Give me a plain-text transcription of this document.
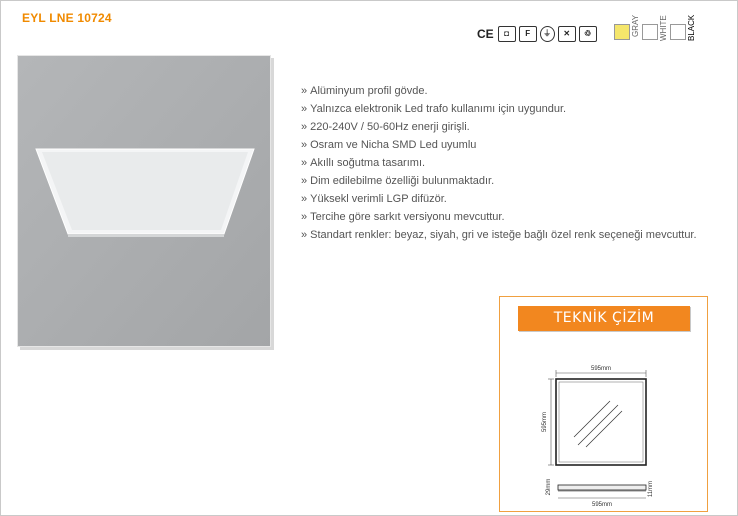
EYL LNE 10724
CE	◘	F	⏚	✕	♲	GRAY WHITE BLACK
» Alüminyum profil gövde.
» Yalnızca elektronik Led trafo kullanımı için uygundur.
» 220-240V / 50-60Hz enerji girişli.
» Osram ve Nicha SMD Led uyumlu
» Akıllı soğutma tasarımı.
» Dim edilebilme özelliği bulunmaktadır.
» Yüksekl verimli LGP difüzör.
» Tercihe göre sarkıt versiyonu mevcuttur.
» Standart renkler: beyaz, siyah, gri ve isteğe bağlı özel renk seçeneği mevcuttur.
595mm
595mm
29mm	11mm
595mm
TEKNİK ÇİZİM
